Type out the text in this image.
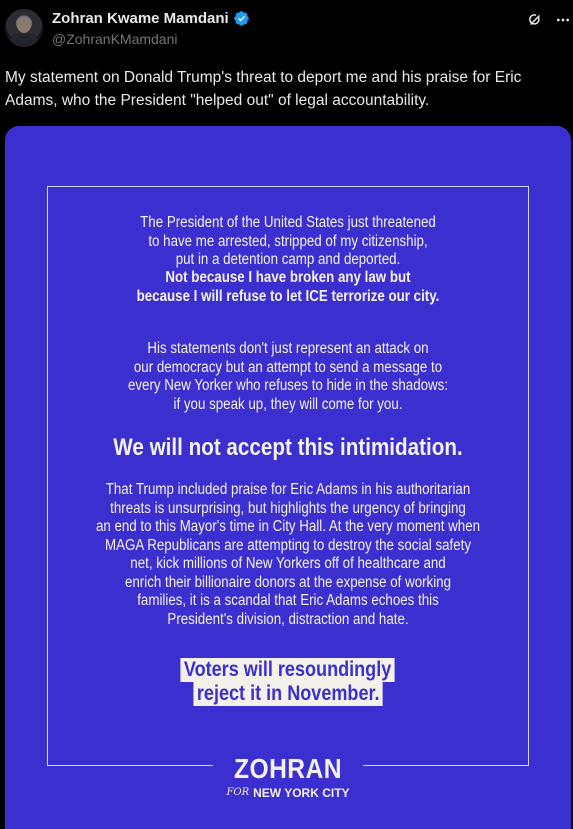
Zohran Kwame Mamdani
@ZohranKMamdani
My statement on Donald Trump's threat to deport me and his praise for Eric Adams, who the President "helped out" of legal accountability.
The President of the United States just threatened
to have me arrested, stripped of my citizenship,
put in a detention camp and deported.
Not because I have broken any law but
because I will refuse to let ICE terrorize our city.
His statements don't just represent an attack on
our democracy but an attempt to send a message to
every New Yorker who refuses to hide in the shadows:
if you speak up, they will come for you.
We will not accept this intimidation.
That Trump included praise for Eric Adams in his authoritarian
threats is unsurprising, but highlights the urgency of bringing
an end to this Mayor's time in City Hall. At the very moment when
MAGA Republicans are attempting to destroy the social safety
net, kick millions of New Yorkers off of healthcare and
enrich their billionaire donors at the expense of working
families, it is a scandal that Eric Adams echoes this
President's division, distraction and hate.
Voters will resoundingly
reject it in November.
ZOHRAN
FOR NEW YORK CITY
